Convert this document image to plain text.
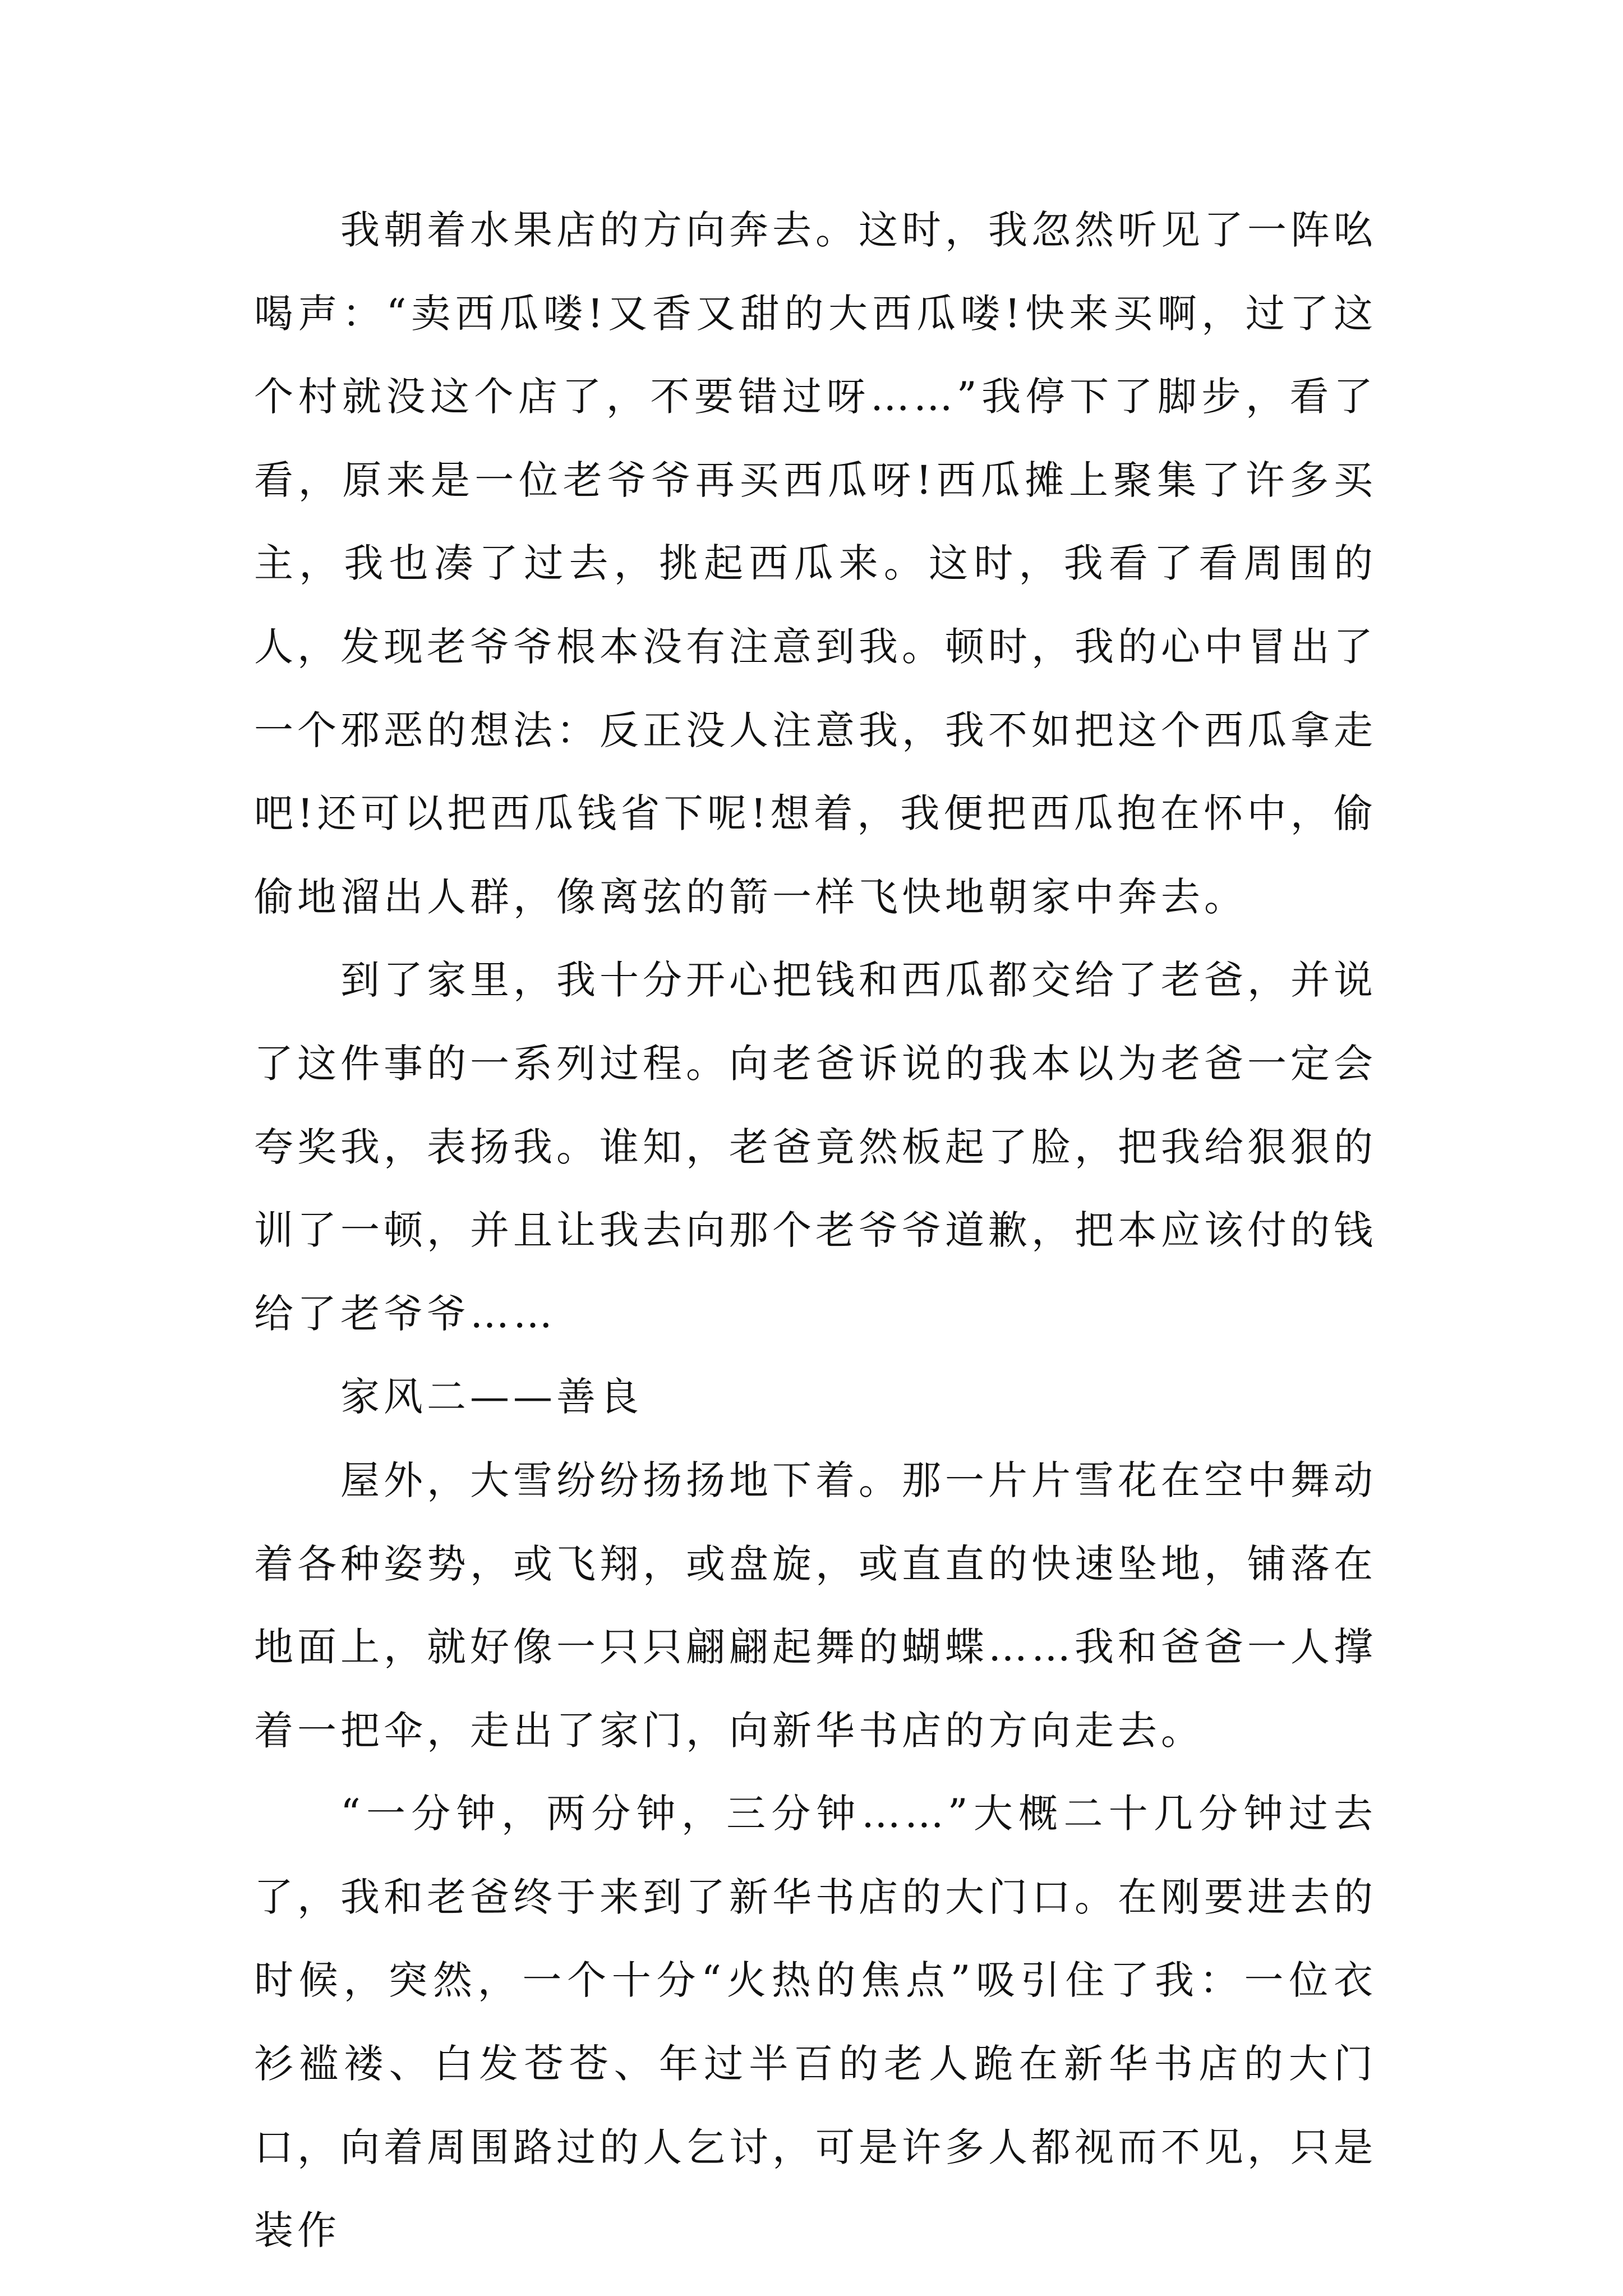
我朝着水果店的方向奔去。这时，我忽然听见了一阵吆喝声：“卖西瓜喽!又香又甜的大西瓜喽!快来买啊，过了这个村就没这个店了，不要错过呀……”我停下了脚步，看了看，原来是一位老爷爷再买西瓜呀!西瓜摊上聚集了许多买主，我也凑了过去，挑起西瓜来。这时，我看了看周围的人，发现老爷爷根本没有注意到我。顿时，我的心中冒出了一个邪恶的想法：反正没人注意我，我不如把这个西瓜拿走吧!还可以把西瓜钱省下呢!想着，我便把西瓜抱在怀中，偷偷地溜出人群，像离弦的箭一样飞快地朝家中奔去。

到了家里，我十分开心把钱和西瓜都交给了老爸，并说了这件事的一系列过程。向老爸诉说的我本以为老爸一定会夸奖我，表扬我。谁知，老爸竟然板起了脸，把我给狠狠的训了一顿，并且让我去向那个老爷爷道歉，把本应该付的钱给了老爷爷……

家风二——善良

屋外，大雪纷纷扬扬地下着。那一片片雪花在空中舞动着各种姿势，或飞翔，或盘旋，或直直的快速坠地，铺落在地面上，就好像一只只翩翩起舞的蝴蝶……我和爸爸一人撑着一把伞，走出了家门，向新华书店的方向走去。

“一分钟，两分钟，三分钟……”大概二十几分钟过去了，我和老爸终于来到了新华书店的大门口。在刚要进去的时候，突然，一个十分“火热的焦点”吸引住了我：一位衣衫褴褛、白发苍苍、年过半百的老人跪在新华书店的大门口，向着周围路过的人乞讨，可是许多人都视而不见，只是装作
